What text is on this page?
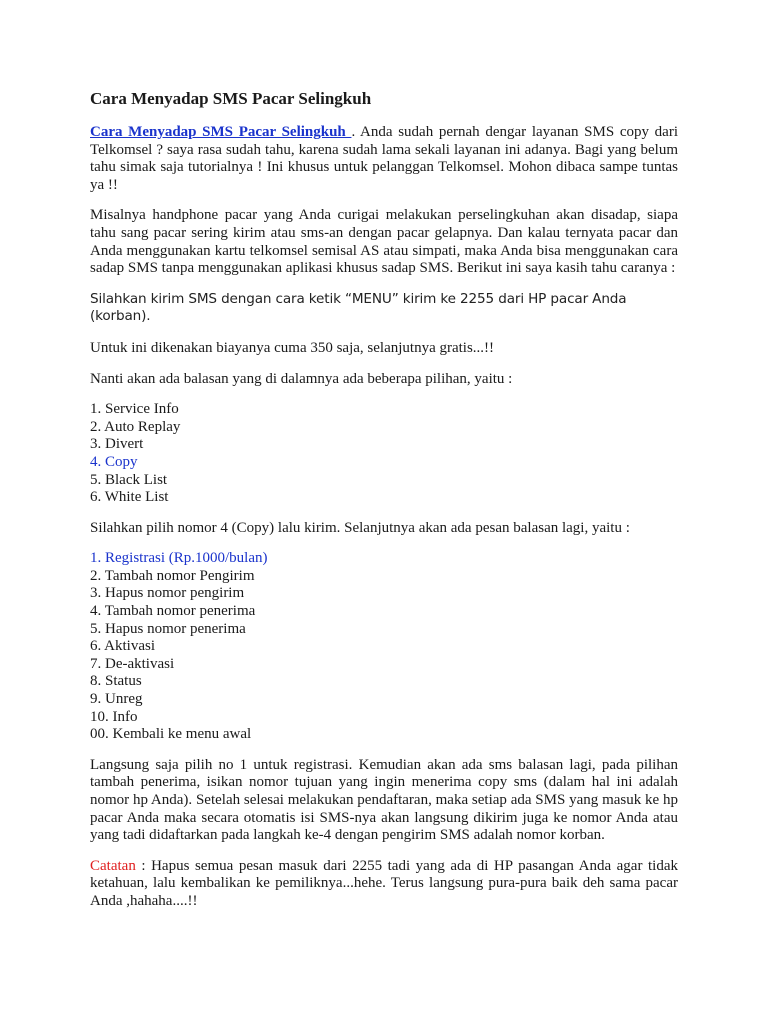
Cara Menyadap SMS Pacar Selingkuh

Cara Menyadap SMS Pacar Selingkuh . Anda sudah pernah dengar layanan SMS copy dari Telkomsel ? saya rasa sudah tahu, karena sudah lama sekali layanan ini adanya. Bagi yang belum tahu simak saja tutorialnya ! Ini khusus untuk pelanggan Telkomsel. Mohon dibaca sampe tuntas ya !!

Misalnya handphone pacar yang Anda curigai melakukan perselingkuhan akan disadap, siapa tahu sang pacar sering kirim atau sms-an dengan pacar gelapnya. Dan kalau ternyata pacar dan Anda menggunakan kartu telkomsel semisal AS atau simpati, maka Anda bisa menggunakan cara sadap SMS tanpa menggunakan aplikasi khusus sadap SMS. Berikut ini saya kasih tahu caranya :

Silahkan kirim SMS dengan cara ketik “MENU” kirim ke 2255 dari HP pacar Anda (korban).

Untuk ini dikenakan biayanya cuma 350 saja, selanjutnya gratis...!!

Nanti akan ada balasan yang di dalamnya ada beberapa pilihan, yaitu :

1. Service Info
2. Auto Replay
3. Divert
4. Copy
5. Black List
6. White List

Silahkan pilih nomor 4 (Copy) lalu kirim. Selanjutnya akan ada pesan balasan lagi, yaitu :

1. Registrasi (Rp.1000/bulan)
2. Tambah nomor Pengirim
3. Hapus nomor pengirim
4. Tambah nomor penerima
5. Hapus nomor penerima
6. Aktivasi
7. De-aktivasi
8. Status
9. Unreg
10. Info
00. Kembali ke menu awal

Langsung saja pilih no 1 untuk registrasi. Kemudian akan ada sms balasan lagi, pada pilihan tambah penerima, isikan nomor tujuan yang ingin menerima copy sms (dalam hal ini adalah nomor hp Anda). Setelah selesai melakukan pendaftaran, maka setiap ada SMS yang masuk ke hp pacar Anda maka secara otomatis isi SMS-nya akan langsung dikirim juga ke nomor Anda atau yang tadi didaftarkan pada langkah ke-4 dengan pengirim SMS adalah nomor korban.

Catatan : Hapus semua pesan masuk dari 2255 tadi yang ada di HP pasangan Anda agar tidak ketahuan, lalu kembalikan ke pemiliknya...hehe. Terus langsung pura-pura baik deh sama pacar Anda ,hahaha....!!
